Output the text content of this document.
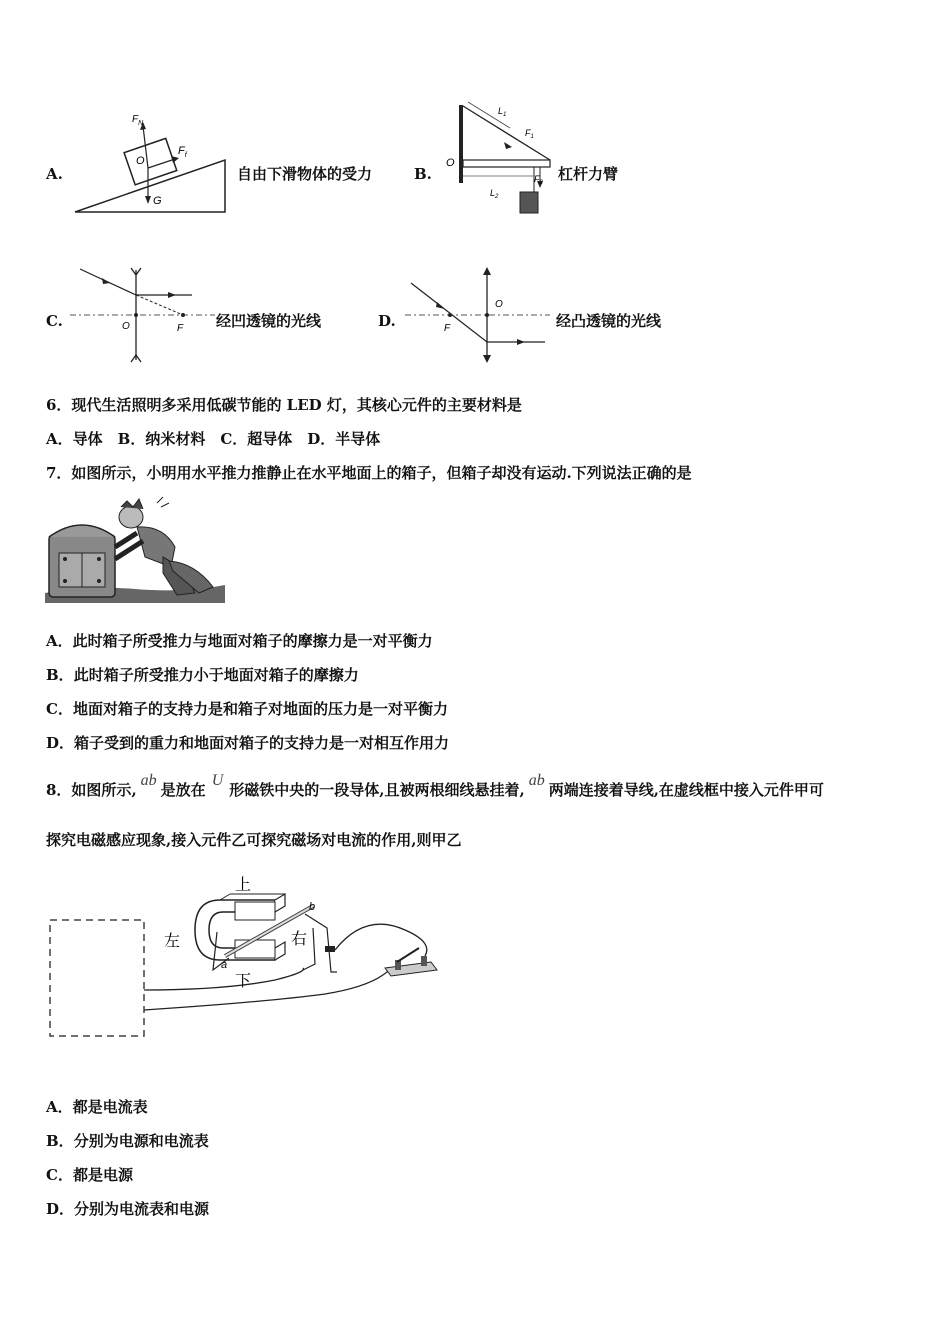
A.
$F_N$
$F_f$
O
G
自由下滑物体的受力	B.
O
$L_1$
$F_1$
$L_2$
$F_2$ 杠杆力臂
C.	O	F 经凹透镜的光线	D.	F
O
经凸透镜的光线
6．现代生活照明多采用低碳节能的 LED 灯，其核心元件的主要材料是
A．导体　B．纳米材料　C．超导体　D．半导体
7．如图所示，小明用水平推力推静止在水平地面上的箱子，但箱子却没有运动.下列说法正确的是
A．此时箱子所受推力与地面对箱子的摩擦力是一对平衡力
B．此时箱子所受推力小于地面对箱子的摩擦力
C．地面对箱子的支持力是和箱子对地面的压力是一对平衡力
D．箱子受到的重力和地面对箱子的支持力是一对相互作用力
8．如图所示,ab是放在U形磁铁中央的一段导体,且被两根细线悬挂着,ab两端连接着导线,在虚线框中接入元件甲可
探究电磁感应现象,接入元件乙可探究磁场对电流的作用,则甲乙
上
下
左	右
a
b
A．都是电流表
B．分别为电源和电流表
C．都是电源
D．分别为电流表和电源
